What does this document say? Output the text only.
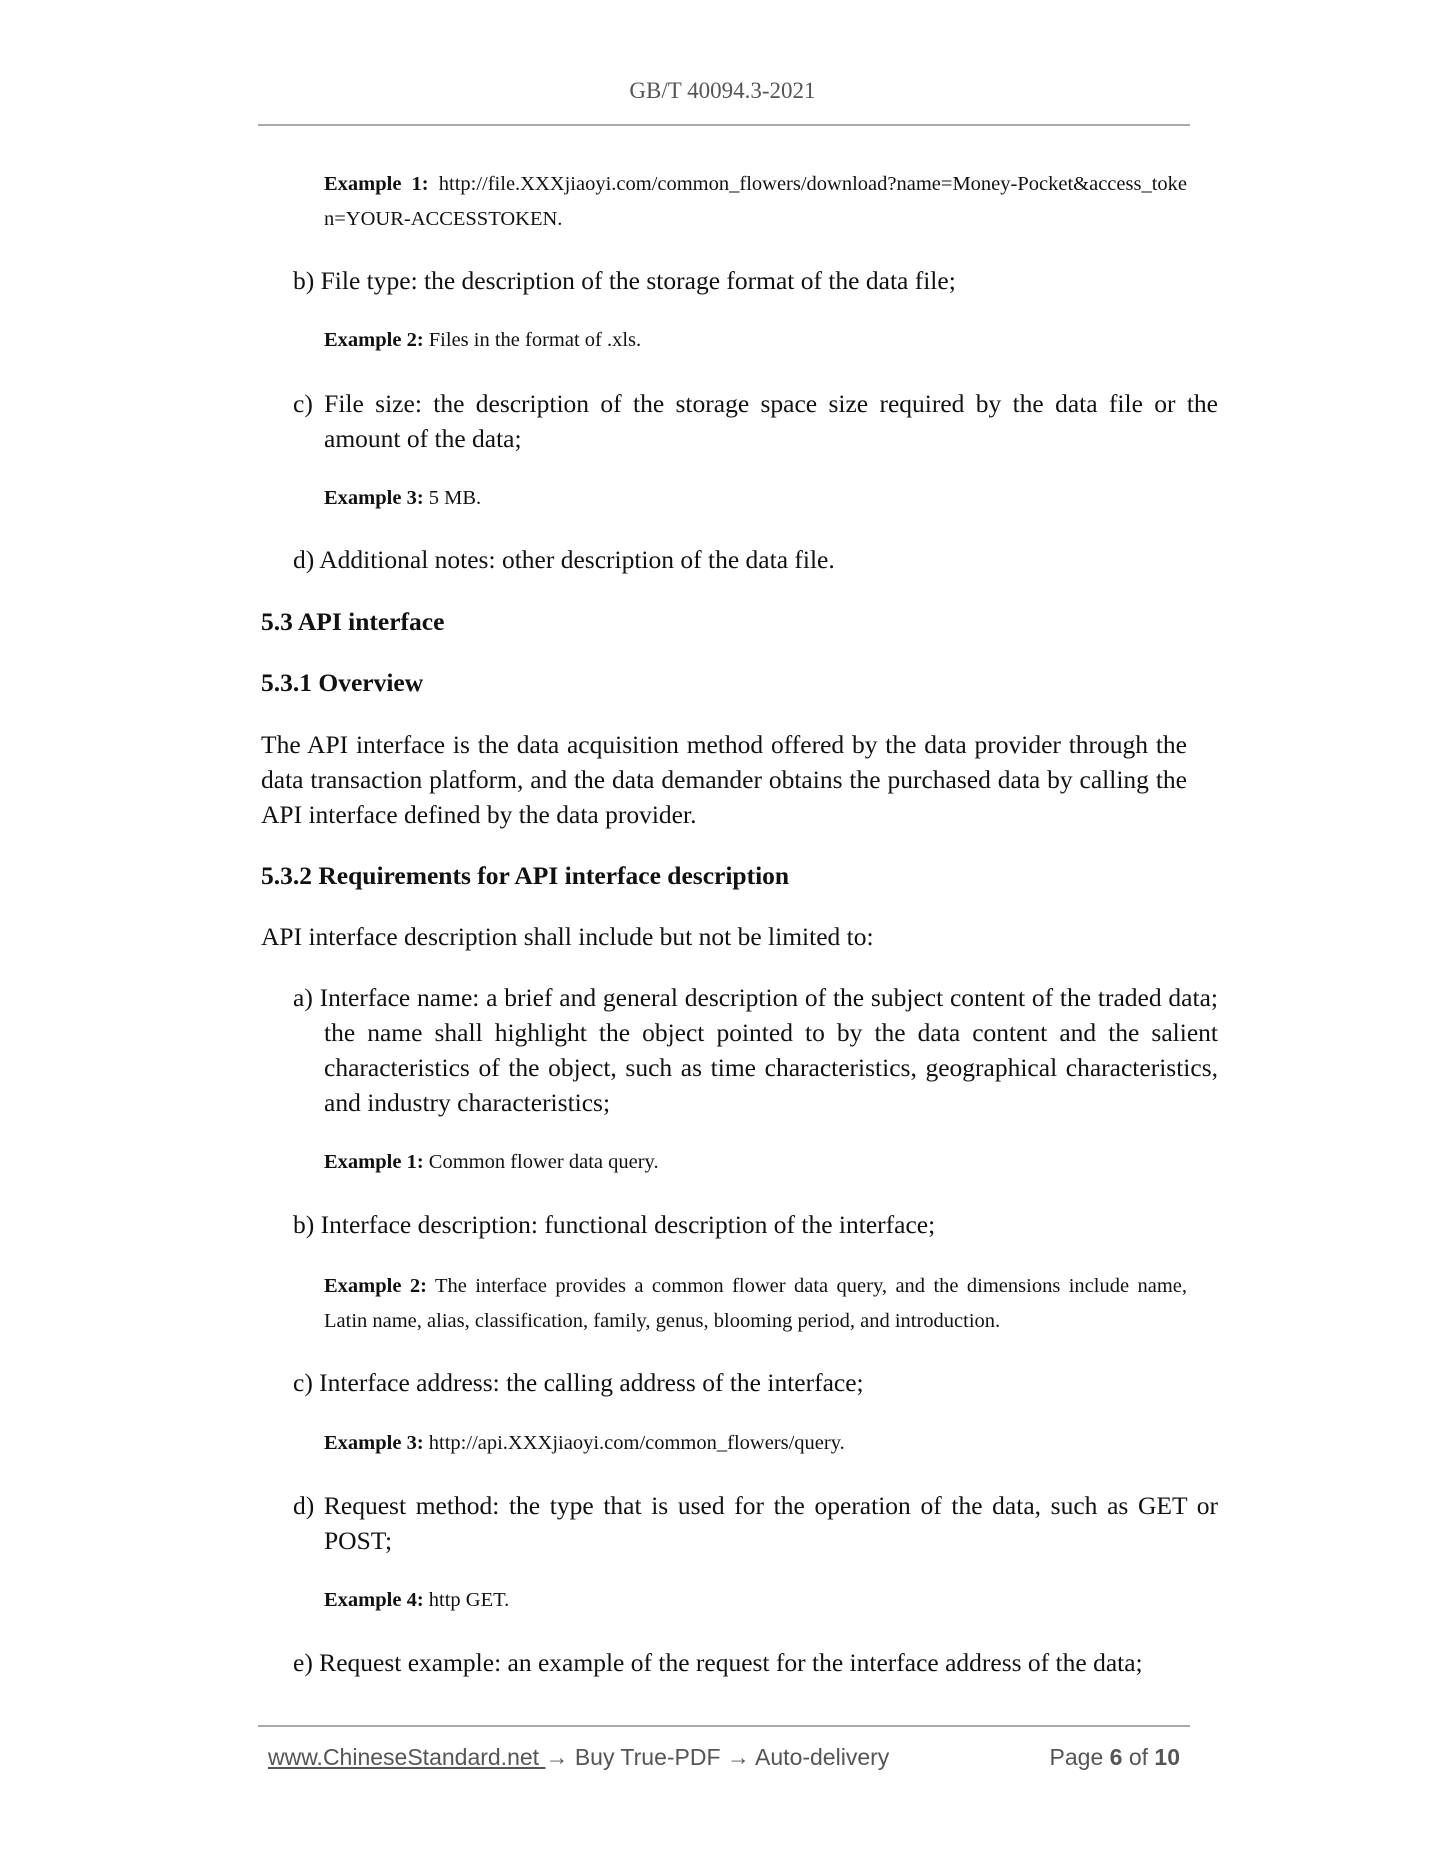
GB/T 40094.3-2021
Example 1: http://file.XXXjiaoyi.com/common_flowers/download?name=Money-Pocket&access_token=YOUR-ACCESSTOKEN.
b) File type: the description of the storage format of the data file;
Example 2: Files in the format of .xls.
c) File size: the description of the storage space size required by the data file or the amount of the data;
Example 3: 5 MB.
d) Additional notes: other description of the data file.
5.3 API interface
5.3.1 Overview
The API interface is the data acquisition method offered by the data provider through the data transaction platform, and the data demander obtains the purchased data by calling the API interface defined by the data provider.
5.3.2 Requirements for API interface description
API interface description shall include but not be limited to:
a) Interface name: a brief and general description of the subject content of the traded data; the name shall highlight the object pointed to by the data content and the salient characteristics of the object, such as time characteristics, geographical characteristics, and industry characteristics;
Example 1: Common flower data query.
b) Interface description: functional description of the interface;
Example 2: The interface provides a common flower data query, and the dimensions include name, Latin name, alias, classification, family, genus, blooming period, and introduction.
c) Interface address: the calling address of the interface;
Example 3: http://api.XXXjiaoyi.com/common_flowers/query.
d) Request method: the type that is used for the operation of the data, such as GET or POST;
Example 4: http GET.
e) Request example: an example of the request for the interface address of the data;
www.ChineseStandard.net → Buy True-PDF → Auto-delivery	Page 6 of 10
